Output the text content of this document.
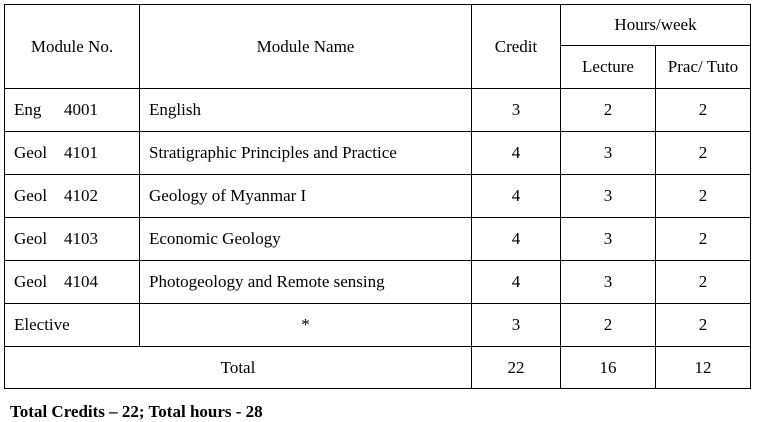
Module No.	Module Name	Credit	Hours/week	
			Lecture	Prac/ Tuto
Eng 4001	English	3	2	2
Geol 4101	Stratigraphic Principles and Practice	4	3	2
Geol 4102	Geology of Myanmar I	4	3	2
Geol 4103	Economic Geology	4	3	2
Geol 4104	Photogeology and Remote sensing	4	3	2
Elective	*	3	2	2
Total		22	16	12
Total Credits – 22; Total hours - 28
